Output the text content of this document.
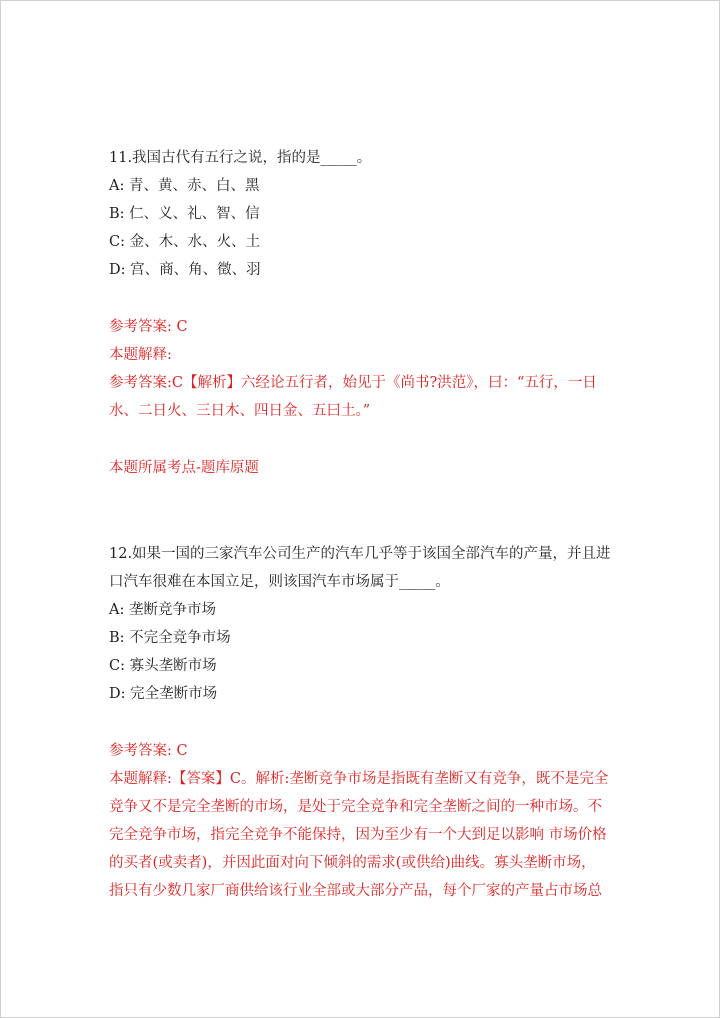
11.我国古代有五行之说，指的是_____。
A: 青、黄、赤、白、黑
B: 仁、义、礼、智、信
C: 金、木、水、火、土
D: 宫、商、角、徵、羽
参考答案: C
本题解释:
参考答案:C【解析】六经论五行者，始见于《尚书?洪范》，曰：“五行，一日
水、二日火、三日木、四日金、五曰土。”
本题所属考点-题库原题
12.如果一国的三家汽车公司生产的汽车几乎等于该国全部汽车的产量，并且进
口汽车很难在本国立足，则该国汽车市场属于_____。
A: 垄断竞争市场
B: 不完全竞争市场
C: 寡头垄断市场
D: 完全垄断市场
参考答案: C
本题解释:【答案】C。解析:垄断竞争市场是指既有垄断又有竞争，既不是完全
竞争又不是完全垄断的市场，是处于完全竞争和完全垄断之间的一种市场。不
完全竞争市场，指完全竞争不能保持，因为至少有一个大到足以影响 市场价格
的买者(或卖者)，并因此面对向下倾斜的需求(或供给)曲线。寡头垄断市场，
指只有少数几家厂商供给该行业全部或大部分产品，每个厂家的产量占市场总
